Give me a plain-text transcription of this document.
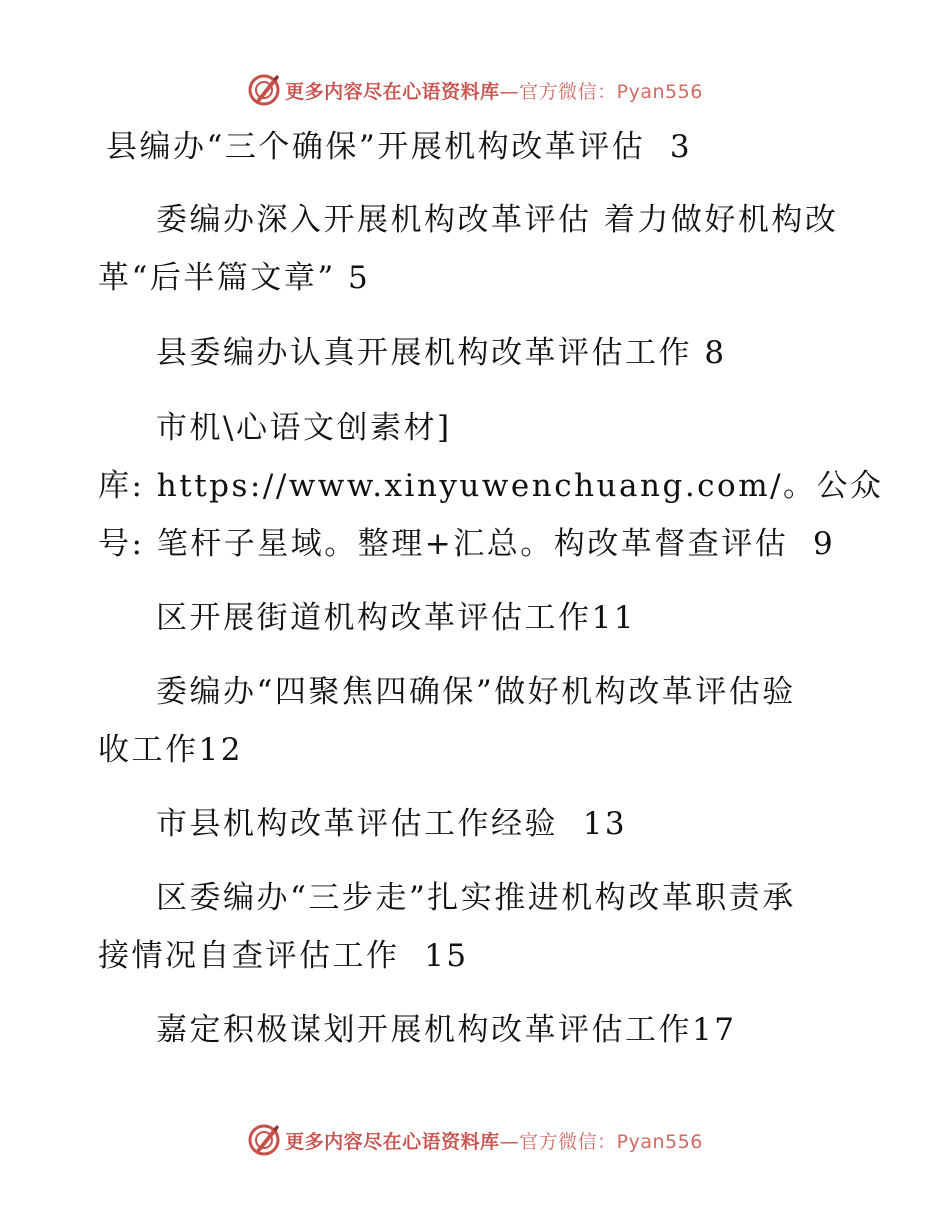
更多内容尽在心语资料库—官方微信：Pyan556
县编办“三个确保”开展机构改革评估  3
委编办深入开展机构改革评估 着力做好机构改
革“后半篇文章” 5
县委编办认真开展机构改革评估工作 8
市机\心语文创素材]
库: https://www.xinyuwenchuang.com/。公众
号: 笔杆子星域。整理+汇总。构改革督查评估  9
区开展街道机构改革评估工作11
委编办“四聚焦四确保”做好机构改革评估验
收工作12
市县机构改革评估工作经验  13
区委编办“三步走”扎实推进机构改革职责承
接情况自查评估工作  15
嘉定积极谋划开展机构改革评估工作17
更多内容尽在心语资料库—官方微信：Pyan556
